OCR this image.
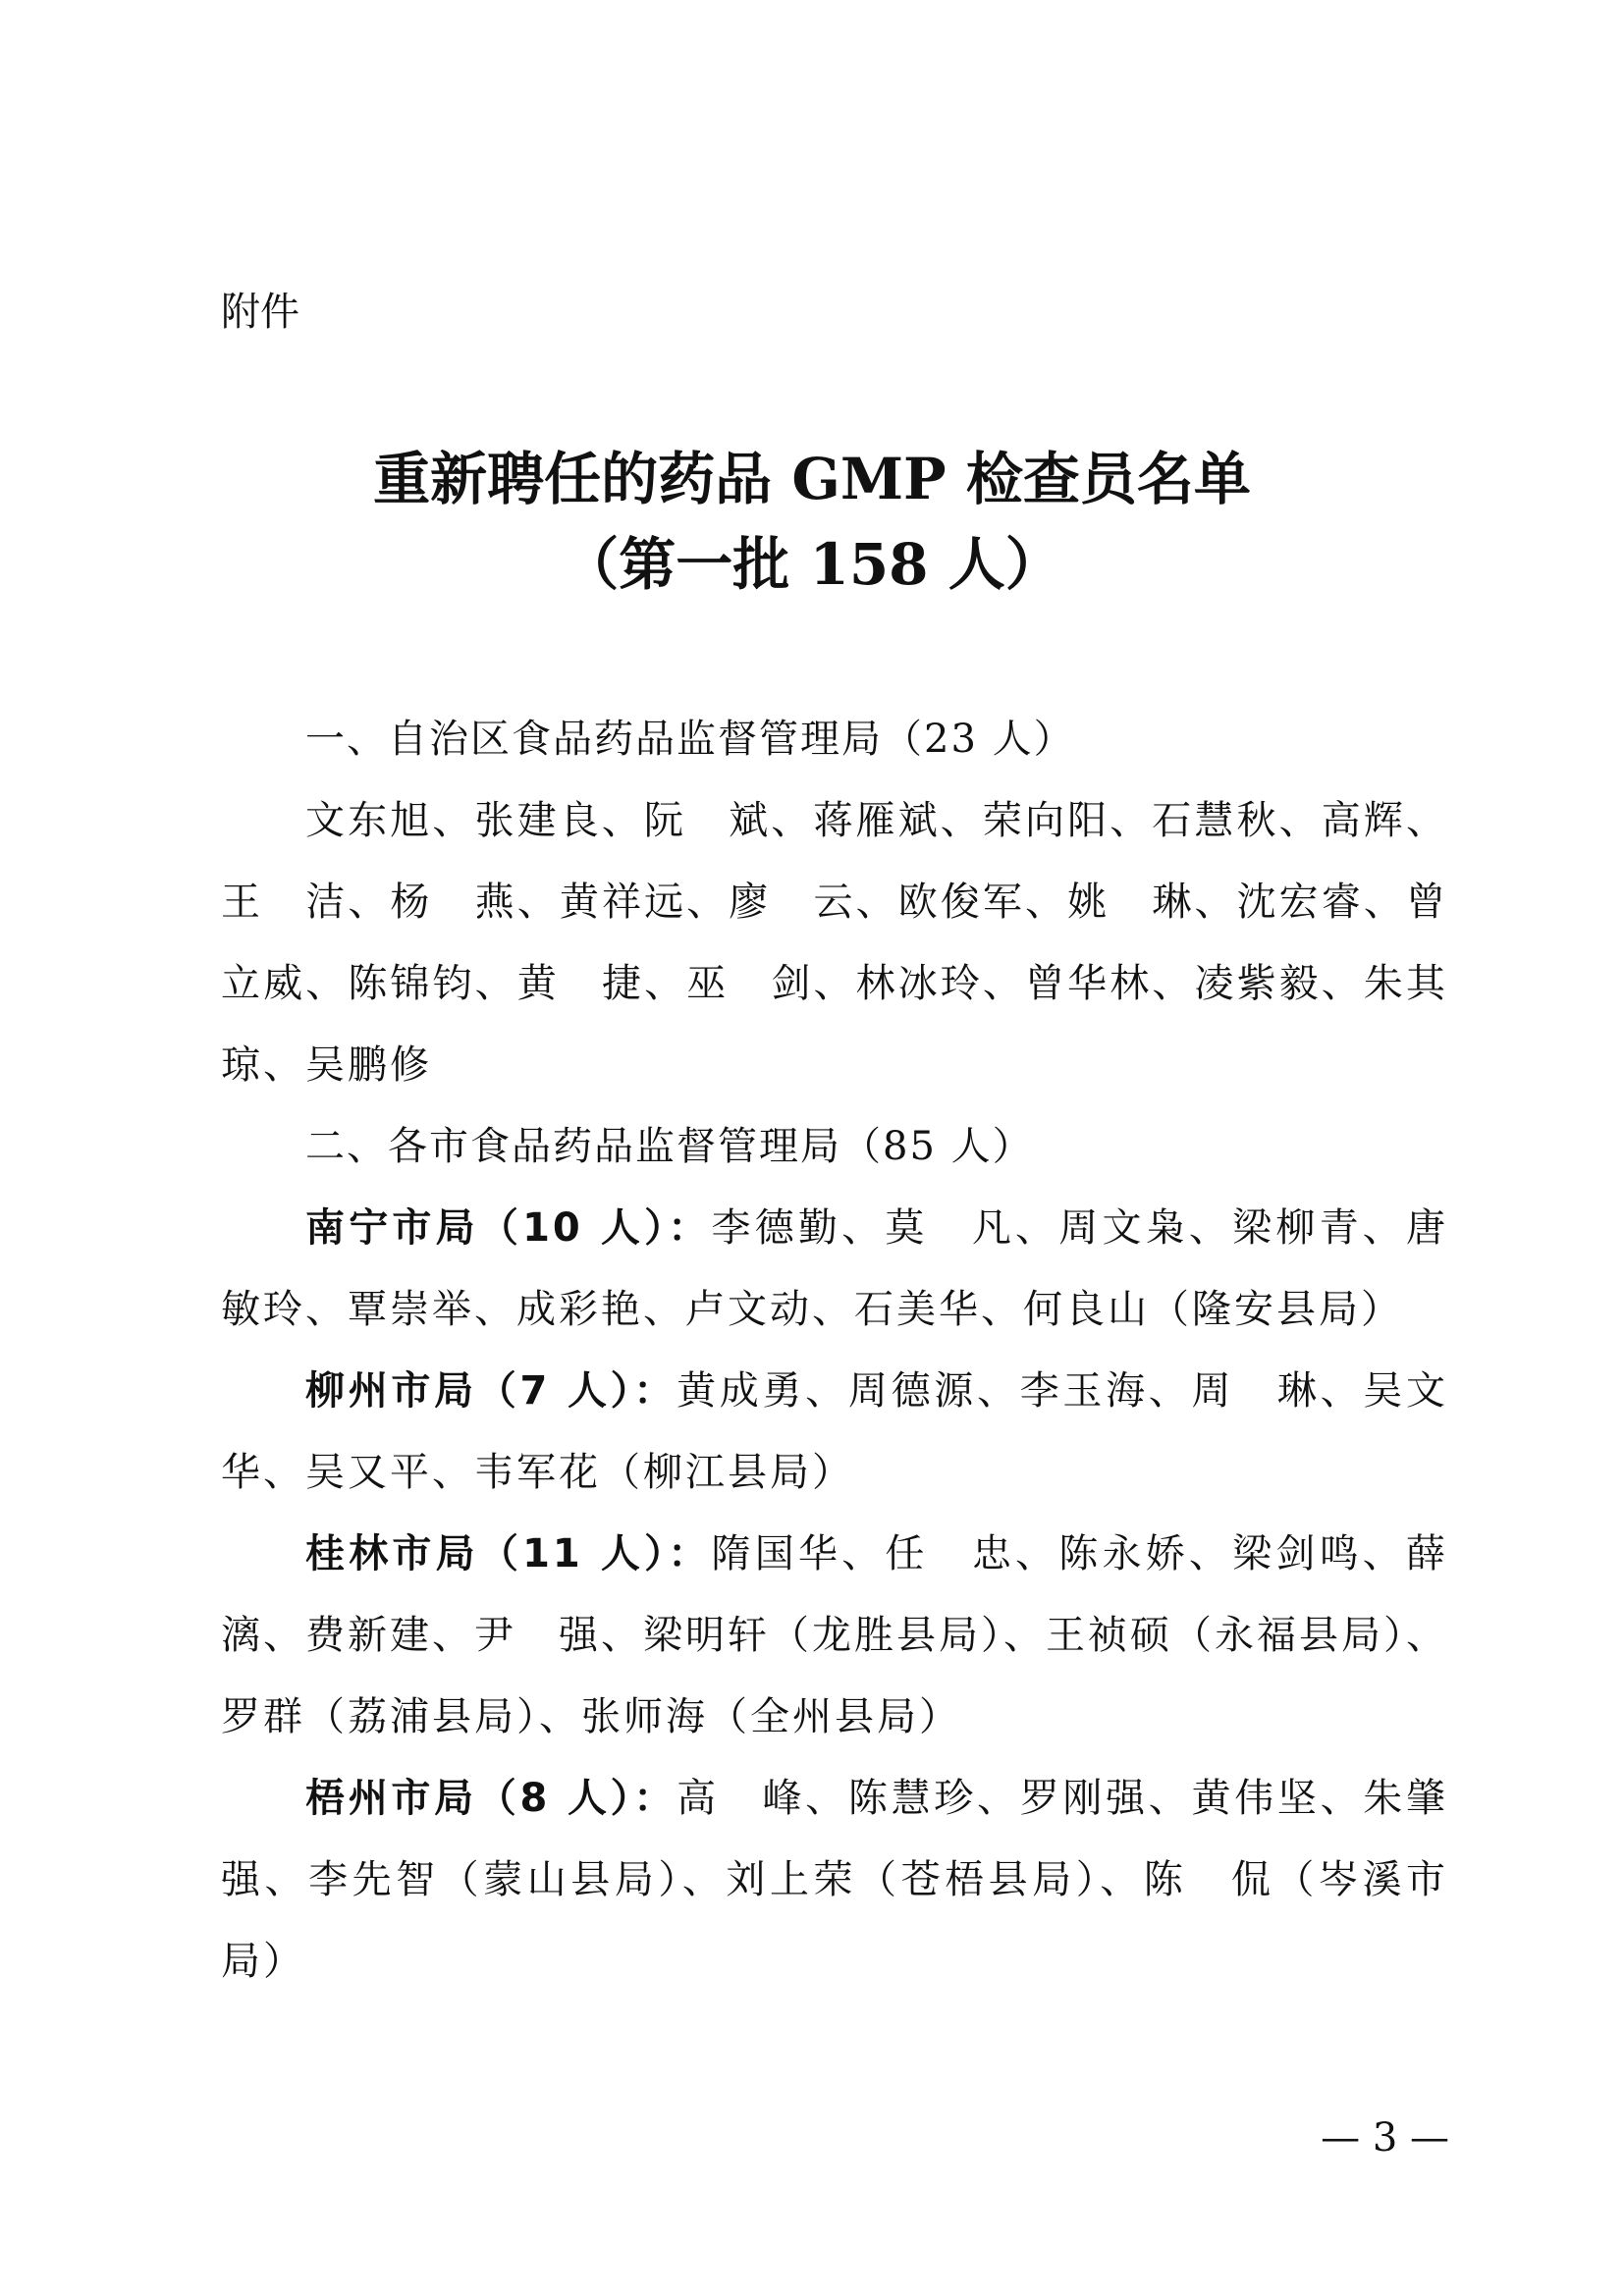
附件
重新聘任的药品 GMP 检查员名单
（第一批 158 人）

一、自治区食品药品监督管理局（23 人）

文东旭、张建良、阮　斌、蒋雁斌、荣向阳、石慧秋、高辉、王　洁、杨　燕、黄祥远、廖　云、欧俊军、姚　琳、沈宏睿、曾立威、陈锦钧、黄　捷、巫　剑、林冰玲、曾华林、凌紫毅、朱其琼、吴鹏修

二、各市食品药品监督管理局（85 人）

南宁市局（10 人）：李德勤、莫　凡、周文枭、梁柳青、唐敏玲、覃崇举、成彩艳、卢文动、石美华、何良山（隆安县局）

柳州市局（7 人）：黄成勇、周德源、李玉海、周　琳、吴文华、吴又平、韦军花（柳江县局）

桂林市局（11 人）：隋国华、任　忠、陈永娇、梁剑鸣、薛漓、费新建、尹　强、梁明轩（龙胜县局）、王祯硕（永福县局）、罗群（荔浦县局）、张师海（全州县局）

梧州市局（8 人）：高　峰、陈慧珍、罗刚强、黄伟坚、朱肇强、李先智（蒙山县局）、刘上荣（苍梧县局）、陈　侃（岑溪市局）

— 3 —
